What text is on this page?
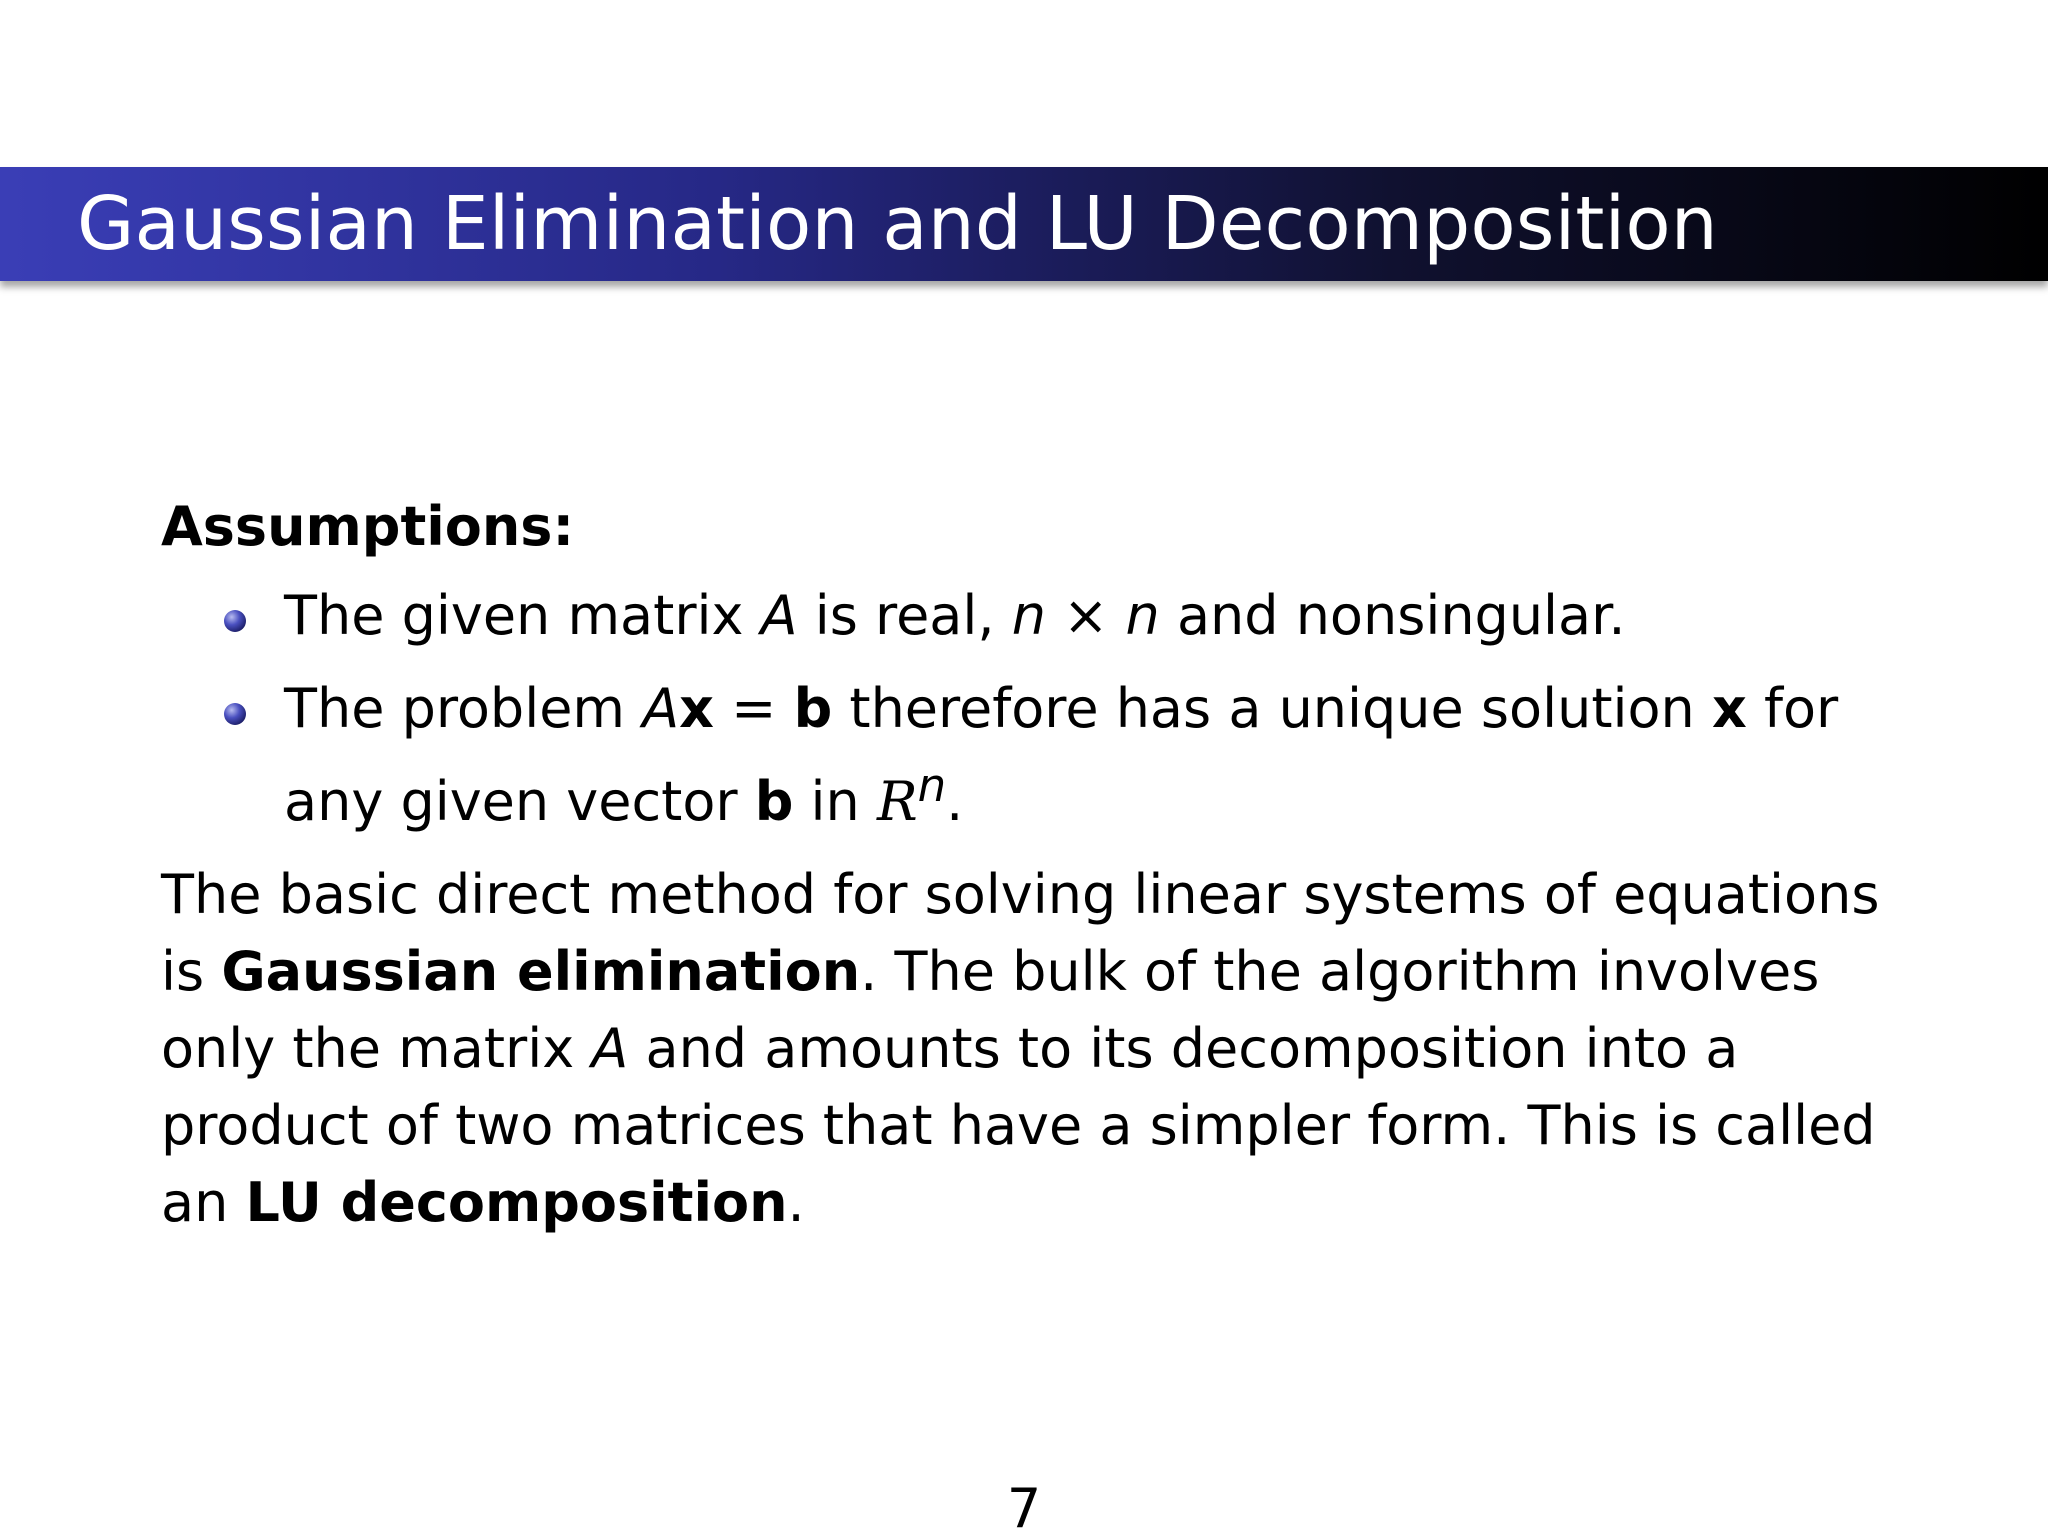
Gaussian Elimination and LU Decomposition
Assumptions:
The given matrix A is real, n × n and nonsingular.
The problem Ax = b therefore has a unique solution x for any given vector b in $R^n$.
The basic direct method for solving linear systems of equations is Gaussian elimination. The bulk of the algorithm involves only the matrix A and amounts to its decomposition into a product of two matrices that have a simpler form. This is called an LU decomposition.
7
